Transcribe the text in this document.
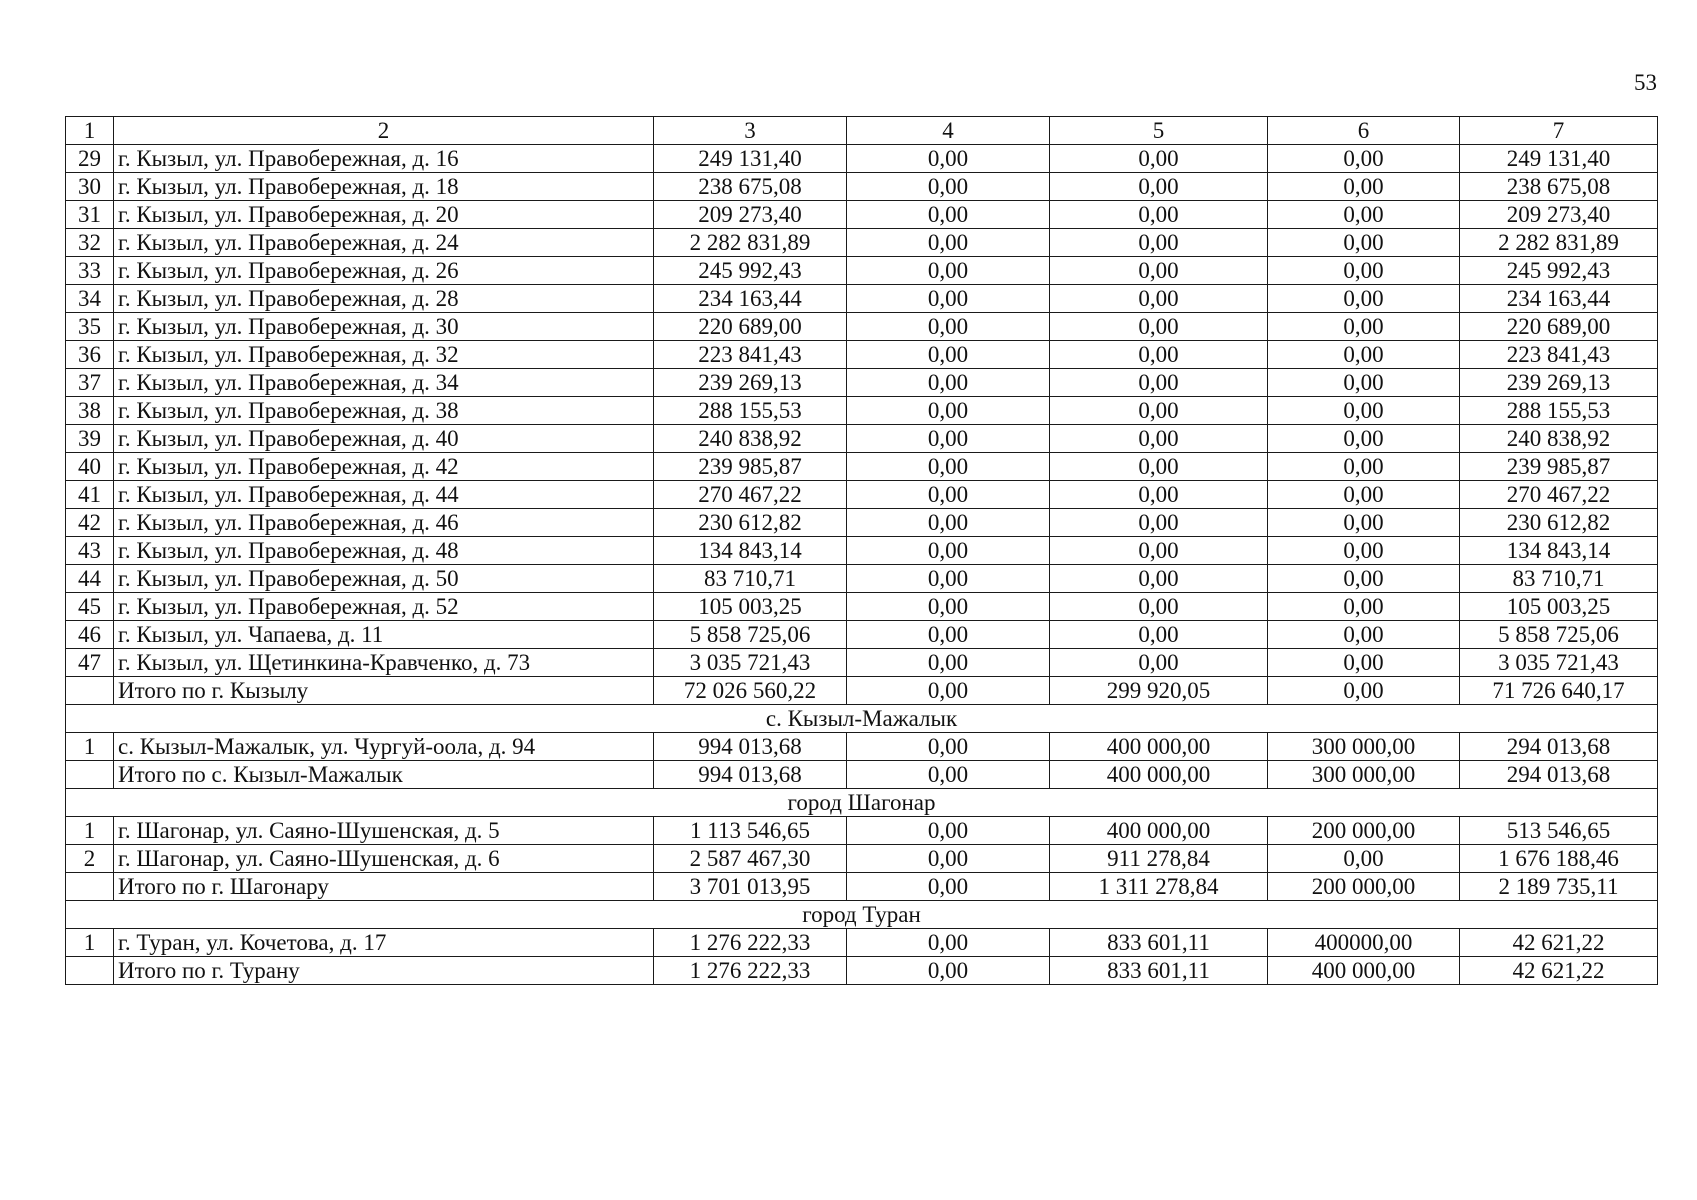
53
1	2	3	4	5	6	7
29	г. Кызыл, ул. Правобережная, д. 16	249 131,40	0,00	0,00	0,00	249 131,40
30	г. Кызыл, ул. Правобережная, д. 18	238 675,08	0,00	0,00	0,00	238 675,08
31	г. Кызыл, ул. Правобережная, д. 20	209 273,40	0,00	0,00	0,00	209 273,40
32	г. Кызыл, ул. Правобережная, д. 24	2 282 831,89	0,00	0,00	0,00	2 282 831,89
33	г. Кызыл, ул. Правобережная, д. 26	245 992,43	0,00	0,00	0,00	245 992,43
34	г. Кызыл, ул. Правобережная, д. 28	234 163,44	0,00	0,00	0,00	234 163,44
35	г. Кызыл, ул. Правобережная, д. 30	220 689,00	0,00	0,00	0,00	220 689,00
36	г. Кызыл, ул. Правобережная, д. 32	223 841,43	0,00	0,00	0,00	223 841,43
37	г. Кызыл, ул. Правобережная, д. 34	239 269,13	0,00	0,00	0,00	239 269,13
38	г. Кызыл, ул. Правобережная, д. 38	288 155,53	0,00	0,00	0,00	288 155,53
39	г. Кызыл, ул. Правобережная, д. 40	240 838,92	0,00	0,00	0,00	240 838,92
40	г. Кызыл, ул. Правобережная, д. 42	239 985,87	0,00	0,00	0,00	239 985,87
41	г. Кызыл, ул. Правобережная, д. 44	270 467,22	0,00	0,00	0,00	270 467,22
42	г. Кызыл, ул. Правобережная, д. 46	230 612,82	0,00	0,00	0,00	230 612,82
43	г. Кызыл, ул. Правобережная, д. 48	134 843,14	0,00	0,00	0,00	134 843,14
44	г. Кызыл, ул. Правобережная, д. 50	83 710,71	0,00	0,00	0,00	83 710,71
45	г. Кызыл, ул. Правобережная, д. 52	105 003,25	0,00	0,00	0,00	105 003,25
46	г. Кызыл, ул. Чапаева, д. 11	5 858 725,06	0,00	0,00	0,00	5 858 725,06
47	г. Кызыл, ул. Щетинкина-Кравченко, д. 73	3 035 721,43	0,00	0,00	0,00	3 035 721,43
	Итого по г. Кызылу	72 026 560,22	0,00	299 920,05	0,00	71 726 640,17
с. Кызыл-Мажалык						
1	с. Кызыл-Мажалык, ул. Чургуй-оола, д. 94	994 013,68	0,00	400 000,00	300 000,00	294 013,68
	Итого по с. Кызыл-Мажалык	994 013,68	0,00	400 000,00	300 000,00	294 013,68
город Шагонар						
1	г. Шагонар, ул. Саяно-Шушенская, д. 5	1 113 546,65	0,00	400 000,00	200 000,00	513 546,65
2	г. Шагонар, ул. Саяно-Шушенская, д. 6	2 587 467,30	0,00	911 278,84	0,00	1 676 188,46
	Итого по г. Шагонару	3 701 013,95	0,00	1 311 278,84	200 000,00	2 189 735,11
город Туран						
1	г. Туран, ул. Кочетова, д. 17	1 276 222,33	0,00	833 601,11	400000,00	42 621,22
	Итого по г. Турану	1 276 222,33	0,00	833 601,11	400 000,00	42 621,22
